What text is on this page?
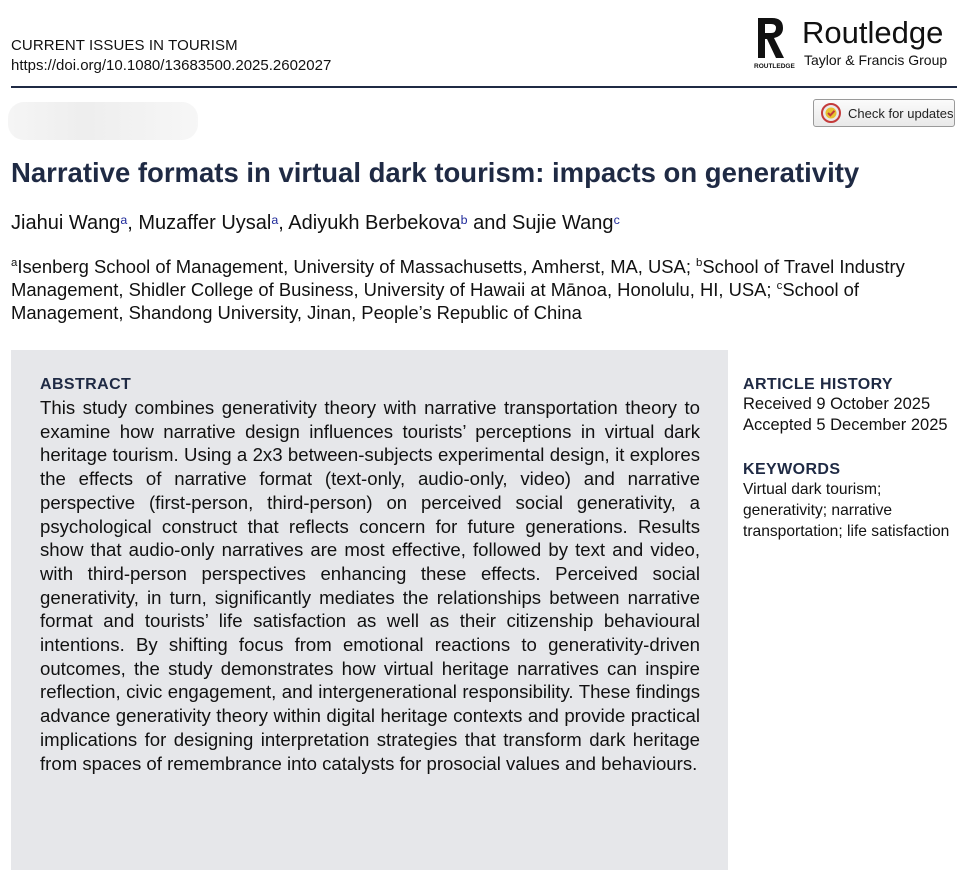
CURRENT ISSUES IN TOURISM
https://doi.org/10.1080/13683500.2025.2602027	ROUTLEDGE
Routledge
Taylor & Francis Group
Check for updates
Narrative formats in virtual dark tourism: impacts on generativity
Jiahui Wang$^a$, Muzaffer Uysal$^a$, Adiyukh Berbekova$^b$ and Sujie Wang$^c$
$^a$Isenberg School of Management, University of Massachusetts, Amherst, MA, USA; $^b$School of Travel Industry Management, Shidler College of Business, University of Hawaii at Mānoa, Honolulu, HI, USA; $^c$School of Management, Shandong University, Jinan, People’s Republic of China
ABSTRACT
This study combines generativity theory with narrative transportation theory to examine how narrative design influences tourists’ perceptions in virtual dark heritage tourism. Using a 2x3 between-subjects experimental design, it explores the effects of narrative format (text-only, audio-only, video) and narrative perspective (first-person, third-person) on perceived social generativity, a psychological construct that reflects concern for future generations. Results show that audio-only narratives are most effective, followed by text and video, with third-person perspectives enhancing these effects. Perceived social generativity, in turn, significantly mediates the relationships between narrative format and tourists’ life satisfaction as well as their citizenship behavioural intentions. By shifting focus from emotional reactions to generativity-driven outcomes, the study demonstrates how virtual heritage narratives can inspire reflection, civic engagement, and intergenerational responsibility. These findings advance generativity theory within digital heritage contexts and provide practical implications for designing interpretation strategies that transform dark heritage from spaces of remembrance into catalysts for prosocial values and behaviours.
ARTICLE HISTORY
Received 9 October 2025
Accepted 5 December 2025
KEYWORDS
Virtual dark tourism; generativity; narrative transportation; life satisfaction
